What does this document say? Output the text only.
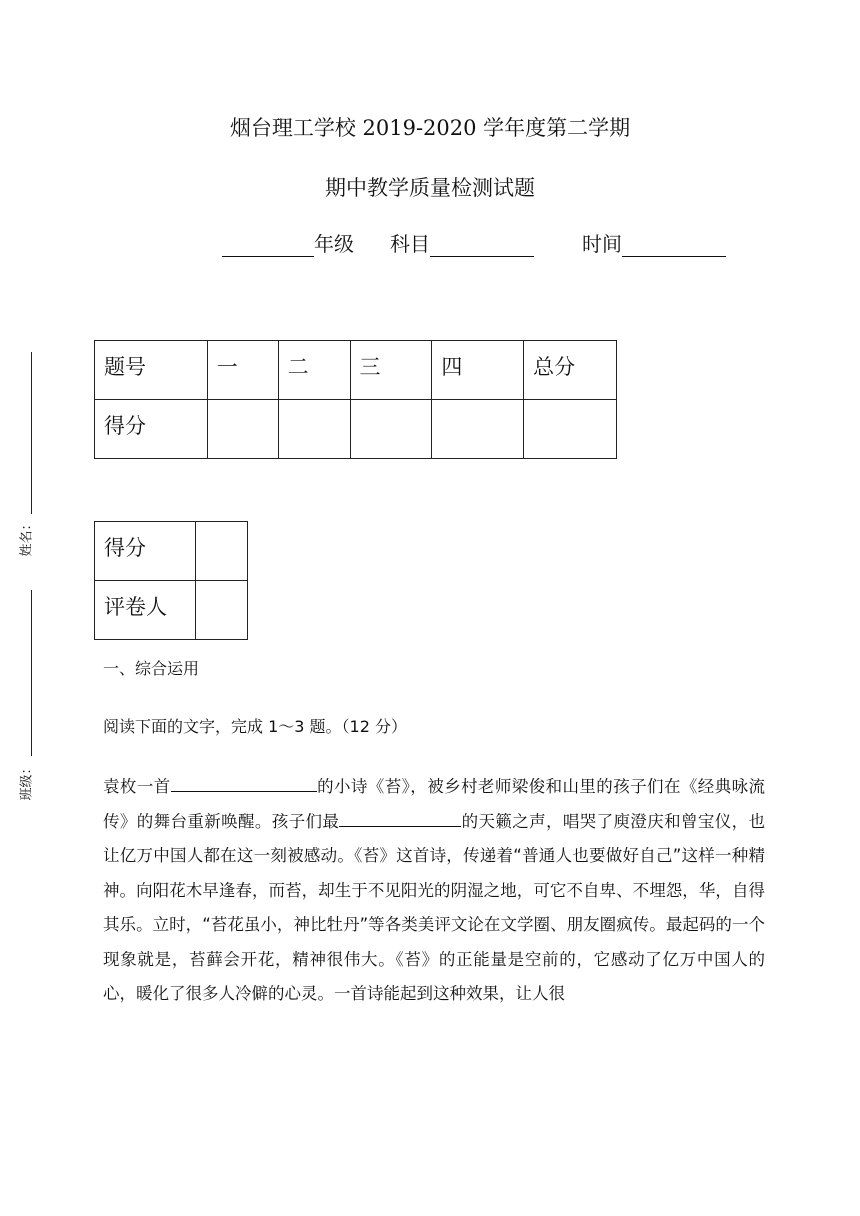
烟台理工学校 2019-2020 学年度第二学期
期中教学质量检测试题
年级 科目	时间
姓名：
班级：
题号	一	二	三	四	总分
得分					
得分	
评卷人	
一、综合运用
阅读下面的文字，完成 1～3 题。（12 分）

袁枚一首	的小诗《苔》，被乡村老师梁俊和山里的孩子们在《经典咏流传》的舞台重新唤醒。孩子们最	的天籁之声，唱哭了庾澄庆和曾宝仪，也让亿万中国人都在这一刻被感动。《苔》这首诗，传递着“普通人也要做好自己”这样一种精神。向阳花木早逢春，而苔，却生于不见阳光的阴湿之地，可它不自卑、不埋怨，华，自得其乐。立时，“苔花虽小，神比牡丹”等各类美评文论在文学圈、朋友圈疯传。最起码的一个现象就是，苔藓会开花，精神很伟大。《苔》的正能量是空前的，它感动了亿万中国人的心，暖化了很多人冷僻的心灵。一首诗能起到这种效果，让人很
